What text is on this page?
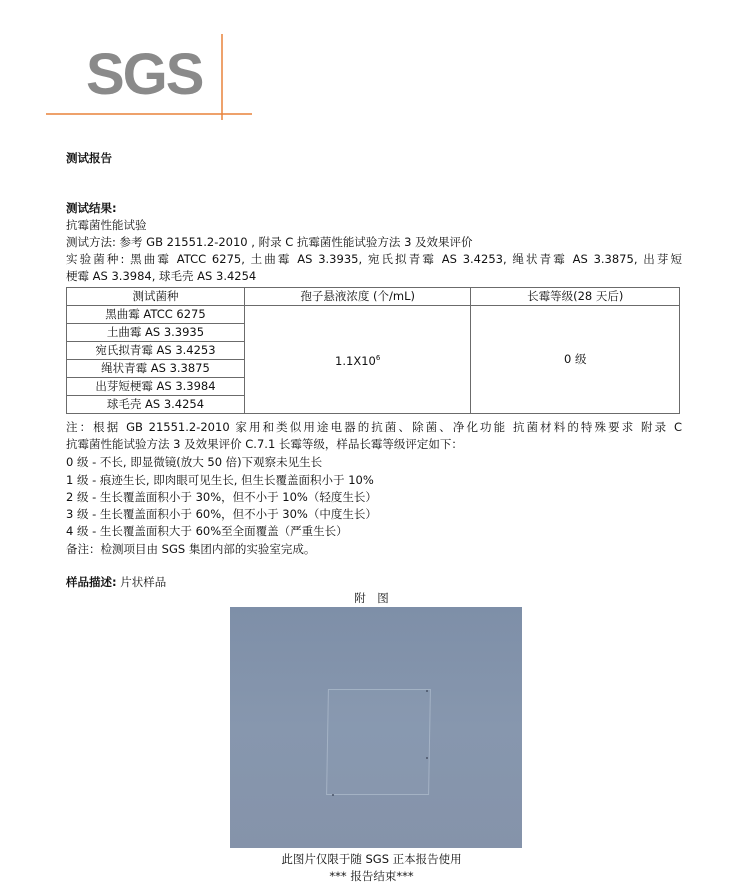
SGS
测试报告
测试结果:
抗霉菌性能试验
测试方法: 参考 GB 21551.2-2010 , 附录 C 抗霉菌性能试验方法 3 及效果评价
实验菌种: 黑曲霉 ATCC 6275, 土曲霉 AS 3.3935, 宛氏拟青霉 AS 3.4253, 绳状青霉 AS 3.3875, 出芽短
梗霉 AS 3.3984, 球毛壳 AS 3.4254
测试菌种	孢子悬液浓度 (个/mL)	长霉等级(28 天后)
黑曲霉 ATCC 6275	$1.1X10^6$	0 级
土曲霉 AS 3.3935		
宛氏拟青霉 AS 3.4253		
绳状青霉 AS 3.3875		
出芽短梗霉 AS 3.3984		
球毛壳 AS 3.4254		
注：根据 GB 21551.2-2010 家用和类似用途电器的抗菌、除菌、净化功能 抗菌材料的特殊要求 附录 C
抗霉菌性能试验方法 3 及效果评价 C.7.1 长霉等级，样品长霉等级评定如下：
0 级 - 不长, 即显微镜(放大 50 倍)下观察未见生长
1 级 - 痕迹生长, 即肉眼可见生长, 但生长覆盖面积小于 10%
2 级 - 生长覆盖面积小于 30%，但不小于 10%（轻度生长）
3 级 - 生长覆盖面积小于 60%，但不小于 30%（中度生长）
4 级 - 生长覆盖面积大于 60%至全面覆盖（严重生长）
备注：检测项目由 SGS 集团内部的实验室完成。
样品描述: 片状样品
附　图
此图片仅限于随 SGS 正本报告使用
*** 报告结束***
